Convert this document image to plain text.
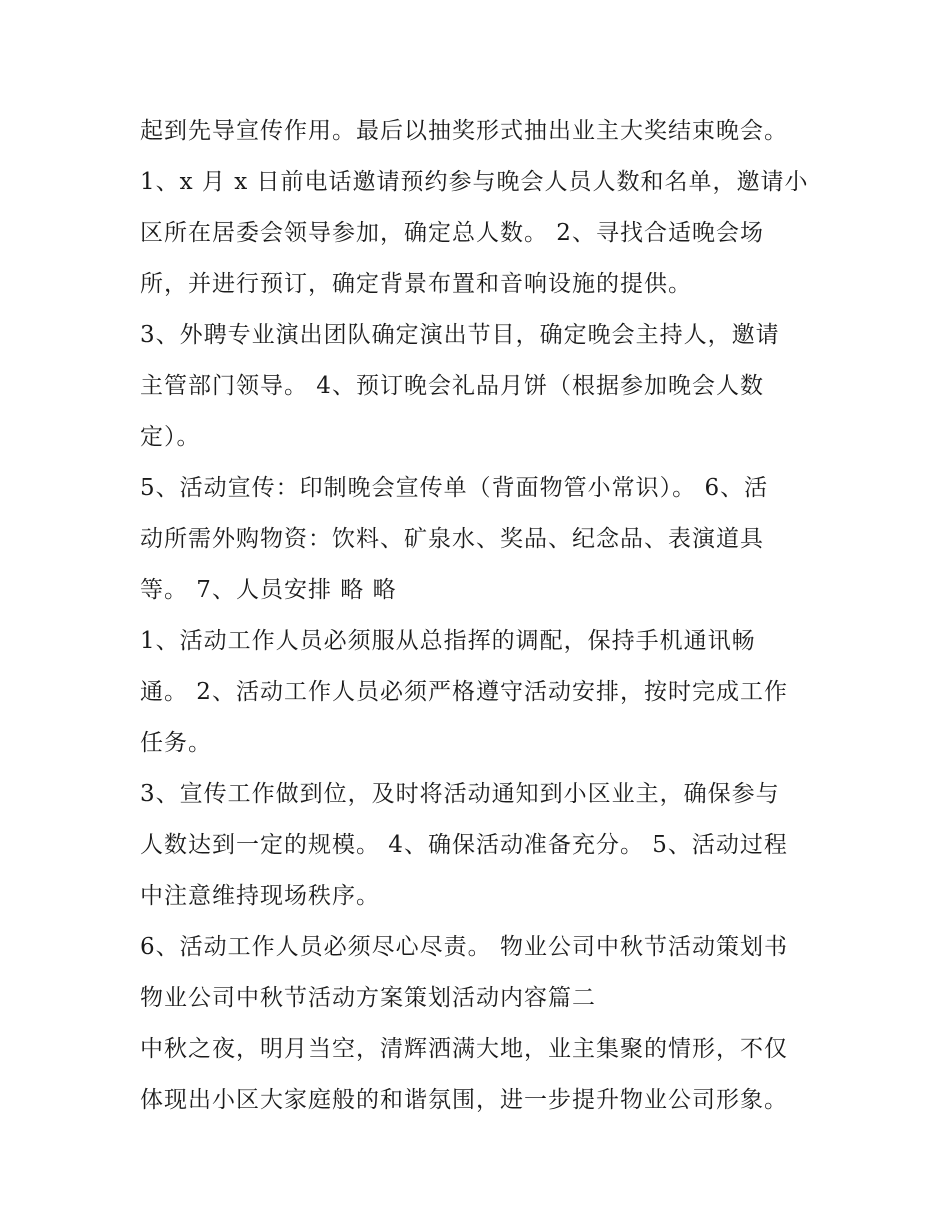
起到先导宣传作用。最后以抽奖形式抽出业主大奖结束晚会。
1、x 月 x 日前电话邀请预约参与晚会人员人数和名单，邀请小
区所在居委会领导参加，确定总人数。 2、寻找合适晚会场
所，并进行预订，确定背景布置和音响设施的提供。
3、外聘专业演出团队确定演出节目，确定晚会主持人，邀请
主管部门领导。 4、预订晚会礼品月饼（根据参加晚会人数
定）。
5、活动宣传：印制晚会宣传单（背面物管小常识）。 6、活
动所需外购物资：饮料、矿泉水、奖品、纪念品、表演道具
等。 7、人员安排 略 略
1、活动工作人员必须服从总指挥的调配，保持手机通讯畅
通。 2、活动工作人员必须严格遵守活动安排，按时完成工作
任务。
3、宣传工作做到位，及时将活动通知到小区业主，确保参与
人数达到一定的规模。 4、确保活动准备充分。 5、活动过程
中注意维持现场秩序。
6、活动工作人员必须尽心尽责。 物业公司中秋节活动策划书
物业公司中秋节活动方案策划活动内容篇二
中秋之夜，明月当空，清辉洒满大地，业主集聚的情形，不仅
体现出小区大家庭般的和谐氛围，进一步提升物业公司形象。
